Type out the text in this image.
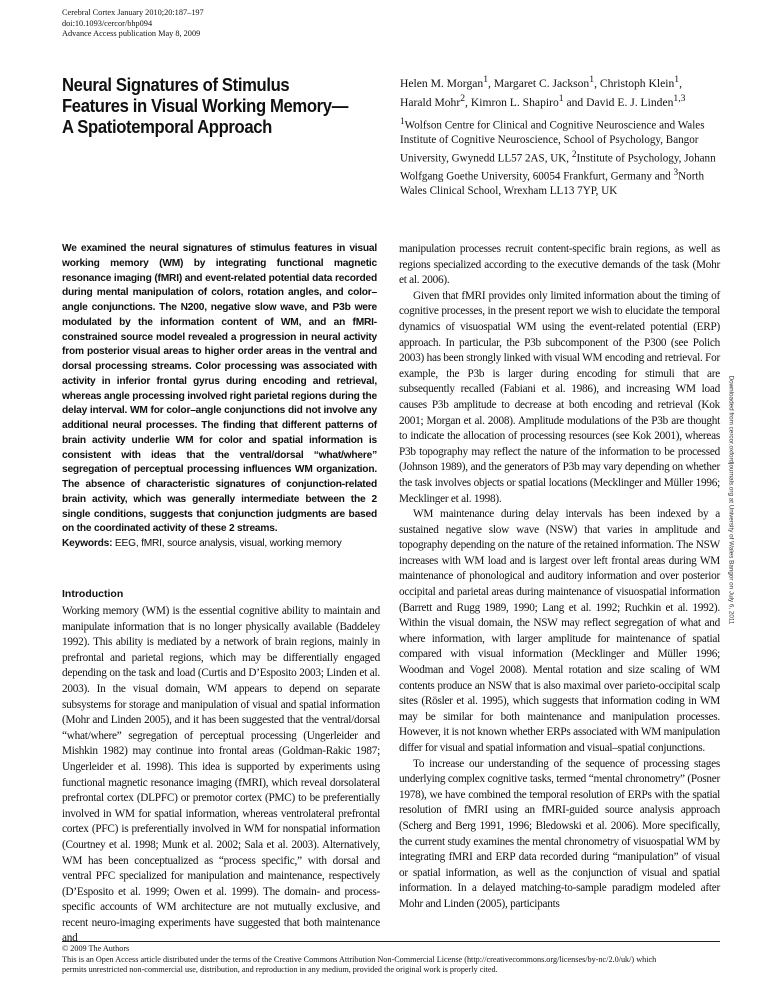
Cerebral Cortex January 2010;20:187–197
doi:10.1093/cercor/bhp094
Advance Access publication May 8, 2009
Neural Signatures of Stimulus Features in Visual Working Memory—A Spatiotemporal Approach
Helen M. Morgan$^1$, Margaret C. Jackson$^1$, Christoph Klein$^1$,
Harald Mohr$^2$, Kimron L. Shapiro$^1$ and David E. J. Linden$^{1,3}$
$^1$Wolfson Centre for Clinical and Cognitive Neuroscience and Wales Institute of Cognitive Neuroscience, School of Psychology, Bangor University, Gwynedd LL57 2AS, UK, $^2$Institute of Psychology, Johann Wolfgang Goethe University, 60054 Frankfurt, Germany and $^3$North Wales Clinical School, Wrexham LL13 7YP, UK

We examined the neural signatures of stimulus features in visual working memory (WM) by integrating functional magnetic resonance imaging (fMRI) and event-related potential data recorded during mental manipulation of colors, rotation angles, and color–angle conjunctions. The N200, negative slow wave, and P3b were modulated by the information content of WM, and an fMRI-constrained source model revealed a progression in neural activity from posterior visual areas to higher order areas in the ventral and dorsal processing streams. Color processing was associated with activity in inferior frontal gyrus during encoding and retrieval, whereas angle processing involved right parietal regions during the delay interval. WM for color–angle conjunctions did not involve any additional neural processes. The finding that different patterns of brain activity underlie WM for color and spatial information is consistent with ideas that the ventral/dorsal “what/where” segregation of perceptual processing influences WM organization. The absence of characteristic signatures of conjunction-related brain activity, which was generally intermediate between the 2 single conditions, suggests that conjunction judgments are based on the coordinated activity of these 2 streams.

Keywords: EEG, fMRI, source analysis, visual, working memory
Introduction

Working memory (WM) is the essential cognitive ability to maintain and manipulate information that is no longer physically available (Baddeley 1992). This ability is mediated by a network of brain regions, mainly in prefrontal and parietal regions, which may be differentially engaged depending on the task and load (Curtis and D’Esposito 2003; Linden et al. 2003). In the visual domain, WM appears to depend on separate subsystems for storage and manipulation of visual and spatial information (Mohr and Linden 2005), and it has been suggested that the ventral/dorsal “what/where” segregation of perceptual processing (Ungerleider and Mishkin 1982) may continue into frontal areas (Goldman-Rakic 1987; Ungerleider et al. 1998). This idea is supported by experiments using functional magnetic resonance imaging (fMRI), which reveal dorsolateral prefrontal cortex (DLPFC) or premotor cortex (PMC) to be preferentially involved in WM for spatial information, whereas ventrolateral prefrontal cortex (PFC) is preferentially involved in WM for nonspatial information (Courtney et al. 1998; Munk et al. 2002; Sala et al. 2003). Alternatively, WM has been conceptualized as “process specific,” with dorsal and ventral PFC specialized for manipulation and maintenance, respectively (D’Esposito et al. 1999; Owen et al. 1999). The domain- and process-specific accounts of WM architecture are not mutually exclusive, and recent neuro-imaging experiments have suggested that both maintenance and

manipulation processes recruit content-specific brain regions, as well as regions specialized according to the executive demands of the task (Mohr et al. 2006).

Given that fMRI provides only limited information about the timing of cognitive processes, in the present report we wish to elucidate the temporal dynamics of visuospatial WM using the event-related potential (ERP) approach. In particular, the P3b subcomponent of the P300 (see Polich 2003) has been strongly linked with visual WM encoding and retrieval. For example, the P3b is larger during encoding for stimuli that are subsequently recalled (Fabiani et al. 1986), and increasing WM load causes P3b amplitude to decrease at both encoding and retrieval (Kok 2001; Morgan et al. 2008). Amplitude modulations of the P3b are thought to indicate the allocation of processing resources (see Kok 2001), whereas P3b topography may reflect the nature of the information to be processed (Johnson 1989), and the generators of P3b may vary depending on whether the task involves objects or spatial locations (Mecklinger and Müller 1996; Mecklinger et al. 1998).

WM maintenance during delay intervals has been indexed by a sustained negative slow wave (NSW) that varies in amplitude and topography depending on the nature of the retained information. The NSW increases with WM load and is largest over left frontal areas during WM maintenance of phonological and auditory information and over posterior occipital and parietal areas during maintenance of visuospatial information (Barrett and Rugg 1989, 1990; Lang et al. 1992; Ruchkin et al. 1992). Within the visual domain, the NSW may reflect segregation of what and where information, with larger amplitude for maintenance of spatial compared with visual information (Mecklinger and Müller 1996; Woodman and Vogel 2008). Mental rotation and size scaling of WM contents produce an NSW that is also maximal over parieto-occipital scalp sites (Rösler et al. 1995), which suggests that information coding in WM may be similar for both maintenance and manipulation processes. However, it is not known whether ERPs associated with WM manipulation differ for visual and spatial information and visual–spatial conjunctions.

To increase our understanding of the sequence of processing stages underlying complex cognitive tasks, termed “mental chronometry” (Posner 1978), we have combined the temporal resolution of ERPs with the spatial resolution of fMRI using an fMRI-guided source analysis approach (Scherg and Berg 1991, 1996; Bledowski et al. 2006). More specifically, the current study examines the mental chronometry of visuospatial WM by integrating fMRI and ERP data recorded during “manipulation” of visual or spatial information, as well as the conjunction of visual and spatial information. In a delayed matching-to-sample paradigm modeled after Mohr and Linden (2005), participants

Downloaded from cercor.oxfordjournals.org at University of Wales Bangor on July 6, 2011
© 2009 The Authors
This is an Open Access article distributed under the terms of the Creative Commons Attribution Non-Commercial License (http://creativecommons.org/licenses/by-nc/2.0/uk/) which
permits unrestricted non-commercial use, distribution, and reproduction in any medium, provided the original work is properly cited.
